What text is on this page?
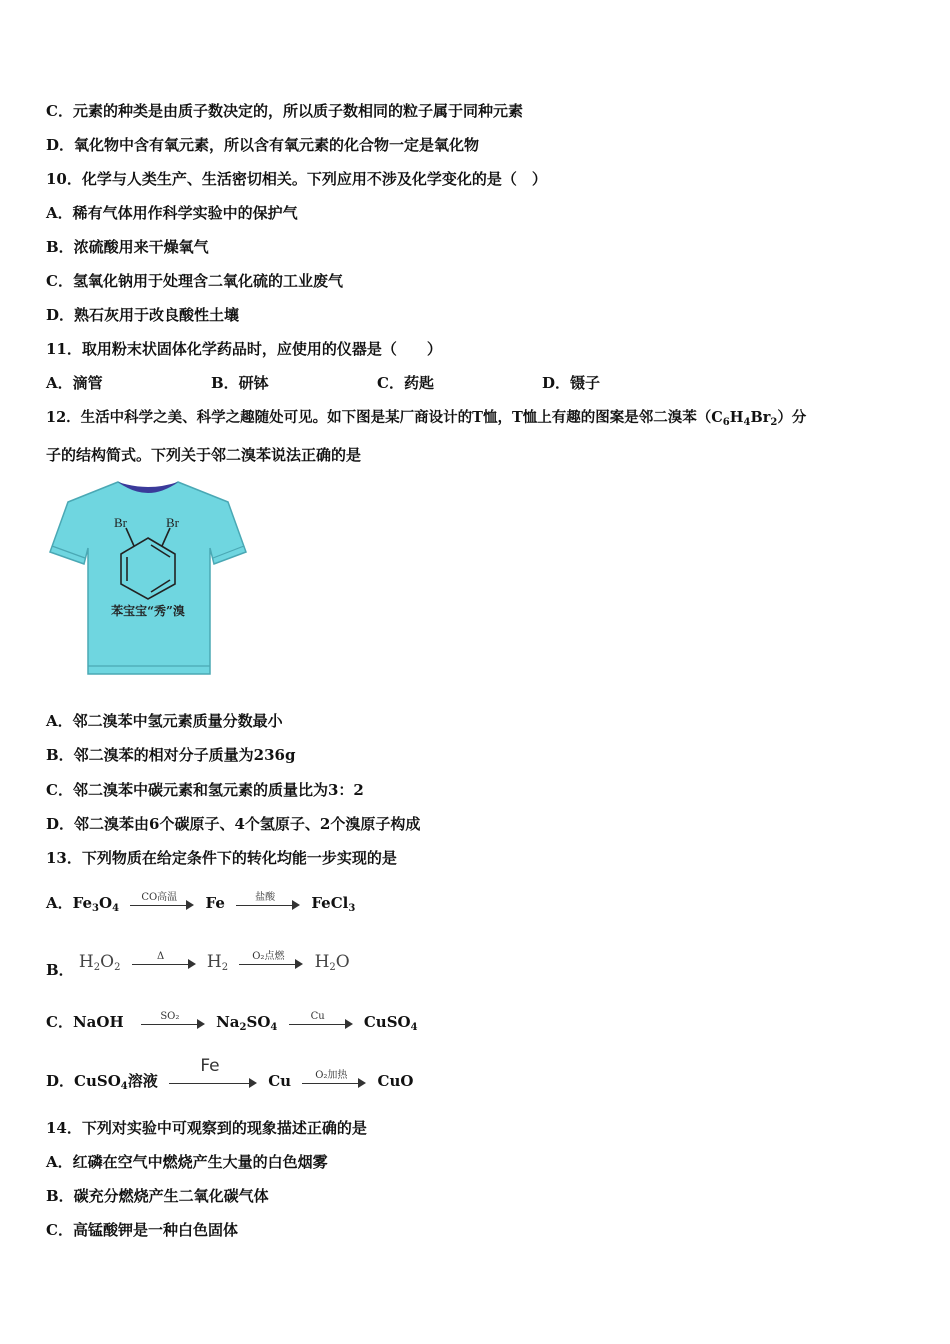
C．元素的种类是由质子数决定的，所以质子数相同的粒子属于同种元素
D．氧化物中含有氧元素，所以含有氧元素的化合物一定是氧化物
10．化学与人类生产、生活密切相关。下列应用不涉及化学变化的是（　）
A．稀有气体用作科学实验中的保护气
B．浓硫酸用来干燥氧气
C．氢氧化钠用于处理含二氧化硫的工业废气
D．熟石灰用于改良酸性土壤
11．取用粉末状固体化学药品时，应使用的仪器是（　　）
A．滴管	B．研钵	C．药匙	D．镊子
12．生活中科学之美、科学之趣随处可见。如下图是某厂商设计的T恤，T恤上有趣的图案是邻二溴苯$(C_6H_4Br_2)$分
子的结构简式。下列关于邻二溴苯说法正确的是
Br	Br
苯宝宝“秀”溴
A．邻二溴苯中氢元素质量分数最小
B．邻二溴苯的相对分子质量为236g
C．邻二溴苯中碳元素和氢元素的质量比为3：2
D．邻二溴苯由6个碳原子、4个氢原子、2个溴原子构成
13．下列物质在给定条件下的转化均能一步实现的是
A．$Fe_3O_4$
CO高温	Fe	盐酸	FeCl$_3$
B． $H_2O_2$
Δ	$H_2$
O₂点燃	$H_2O$
C．NaOH	SO₂	$Na_2SO_4$
Cu	CuSO$_4$
D．CuSO$_4$溶液
Fe
Cu	O₂加热	CuO
14．下列对实验中可观察到的现象描述正确的是
A．红磷在空气中燃烧产生大量的白色烟雾
B．碳充分燃烧产生二氧化碳气体
C．高锰酸钾是一种白色固体
